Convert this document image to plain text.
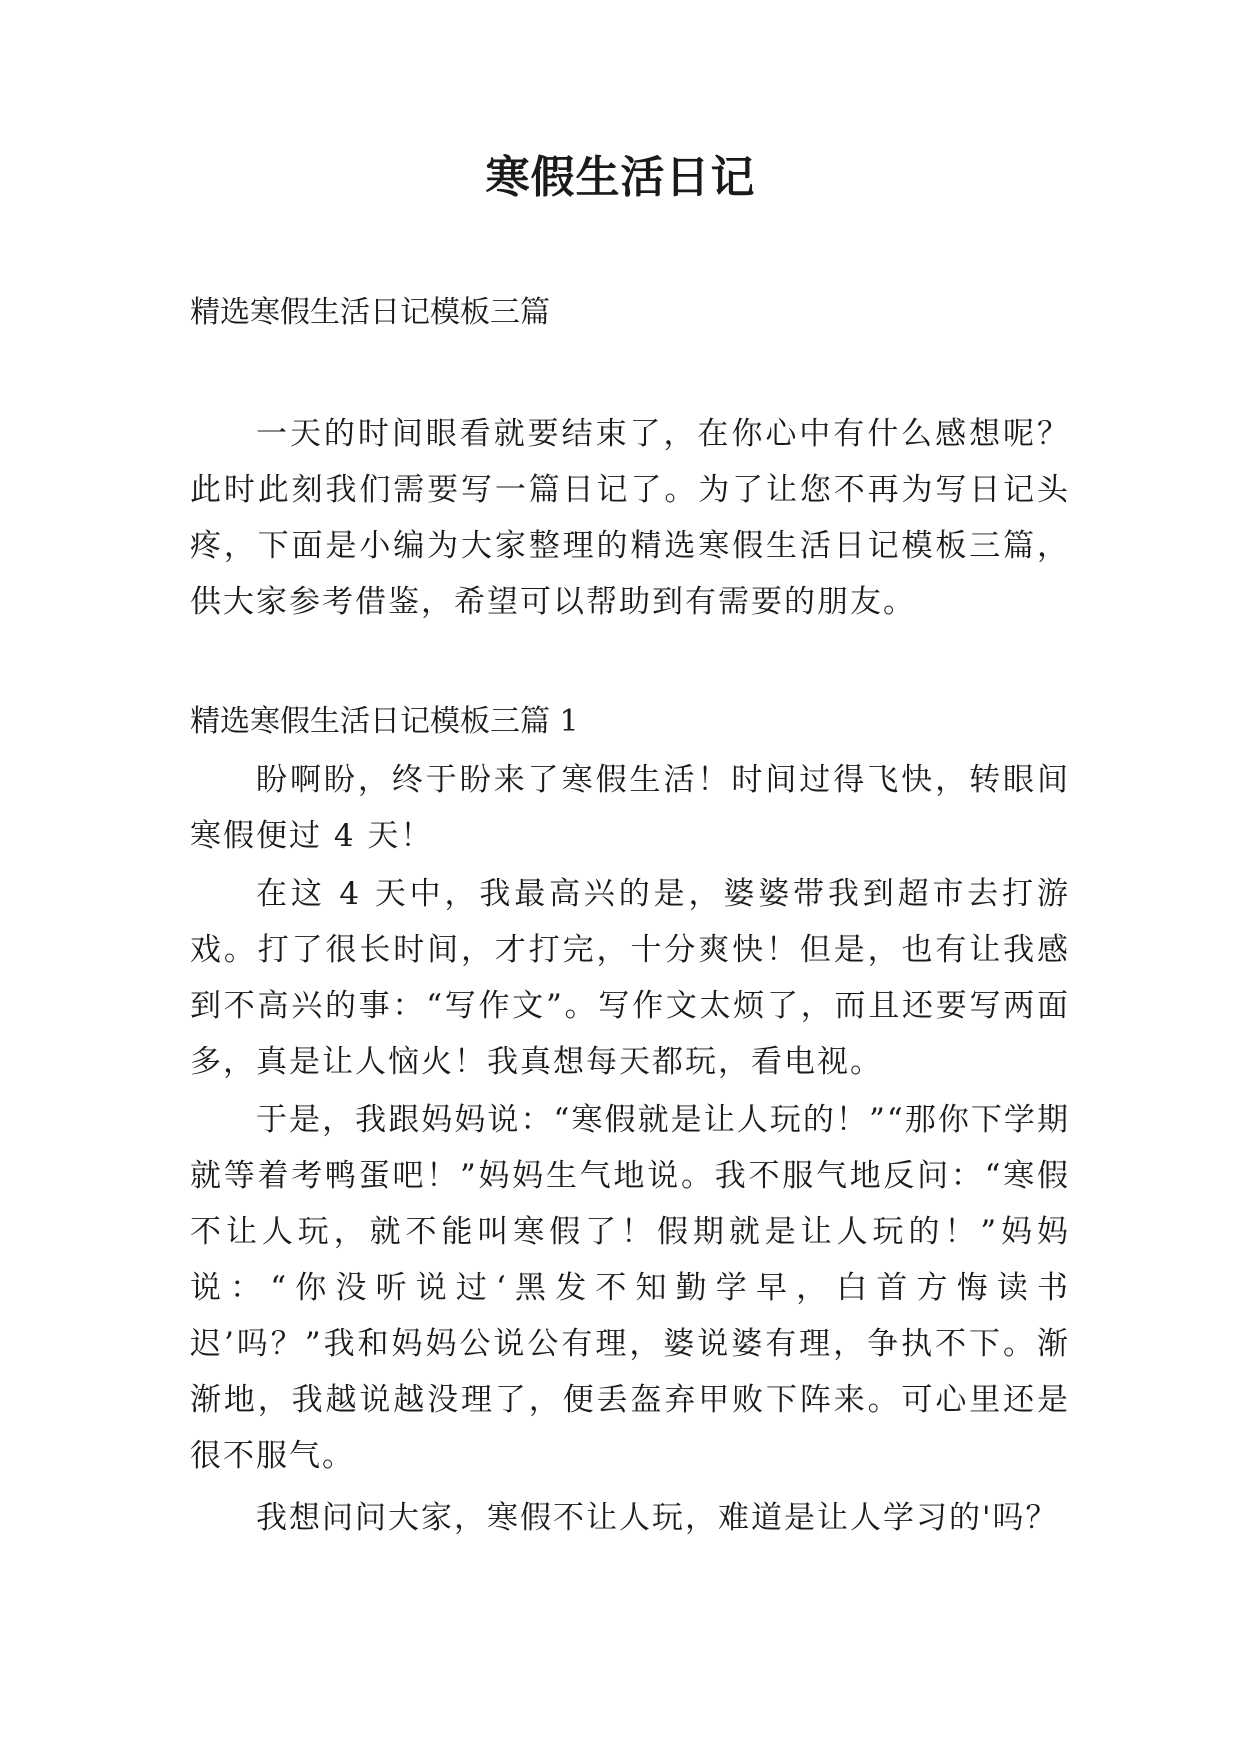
寒假生活日记

精选寒假生活日记模板三篇

一天的时间眼看就要结束了，在你心中有什么感想呢？此时此刻我们需要写一篇日记了。为了让您不再为写日记头疼，下面是小编为大家整理的精选寒假生活日记模板三篇，供大家参考借鉴，希望可以帮助到有需要的朋友。

精选寒假生活日记模板三篇 1

盼啊盼，终于盼来了寒假生活！时间过得飞快，转眼间寒假便过 4 天！

在这 4 天中，我最高兴的是，婆婆带我到超市去打游戏。打了很长时间，才打完，十分爽快！但是，也有让我感到不高兴的事：“写作文”。写作文太烦了，而且还要写两面多，真是让人恼火！我真想每天都玩，看电视。

于是，我跟妈妈说：“寒假就是让人玩的！”“那你下学期就等着考鸭蛋吧！”妈妈生气地说。我不服气地反问：“寒假不让人玩，就不能叫寒假了！假期就是让人玩的！”妈妈说：“你没听说过‘黑发不知勤学早，白首方悔读书迟’吗？”我和妈妈公说公有理，婆说婆有理，争执不下。渐渐地，我越说越没理了，便丢盔弃甲败下阵来。可心里还是很不服气。

我想问问大家，寒假不让人玩，难道是让人学习的'吗？
